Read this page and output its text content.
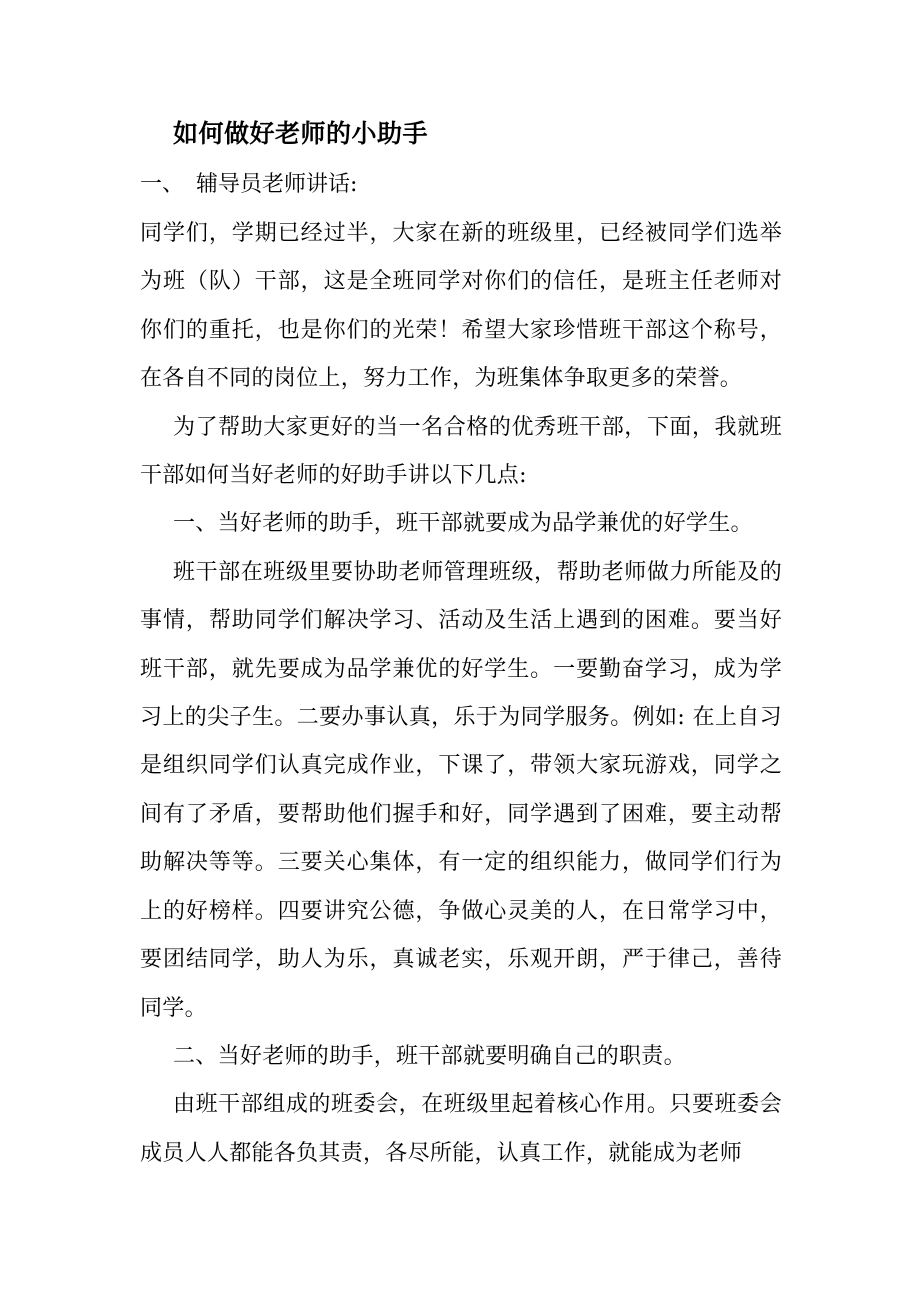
如何做好老师的小助手
一、 辅导员老师讲话:

同学们，学期已经过半，大家在新的班级里，已经被同学们选举为班（队）干部，这是全班同学对你们的信任，是班主任老师对你们的重托，也是你们的光荣！希望大家珍惜班干部这个称号，在各自不同的岗位上，努力工作，为班集体争取更多的荣誉。

为了帮助大家更好的当一名合格的优秀班干部，下面，我就班干部如何当好老师的好助手讲以下几点:

一、当好老师的助手，班干部就要成为品学兼优的好学生。

班干部在班级里要协助老师管理班级，帮助老师做力所能及的事情，帮助同学们解决学习、活动及生活上遇到的困难。要当好班干部，就先要成为品学兼优的好学生。一要勤奋学习，成为学习上的尖子生。二要办事认真，乐于为同学服务。例如: 在上自习是组织同学们认真完成作业，下课了，带领大家玩游戏，同学之间有了矛盾，要帮助他们握手和好，同学遇到了困难，要主动帮助解决等等。三要关心集体，有一定的组织能力，做同学们行为上的好榜样。四要讲究公德，争做心灵美的人，在日常学习中，要团结同学，助人为乐，真诚老实，乐观开朗，严于律己，善待同学。

二、当好老师的助手，班干部就要明确自己的职责。

由班干部组成的班委会，在班级里起着核心作用。只要班委会成员人人都能各负其责，各尽所能，认真工作，就能成为老师
